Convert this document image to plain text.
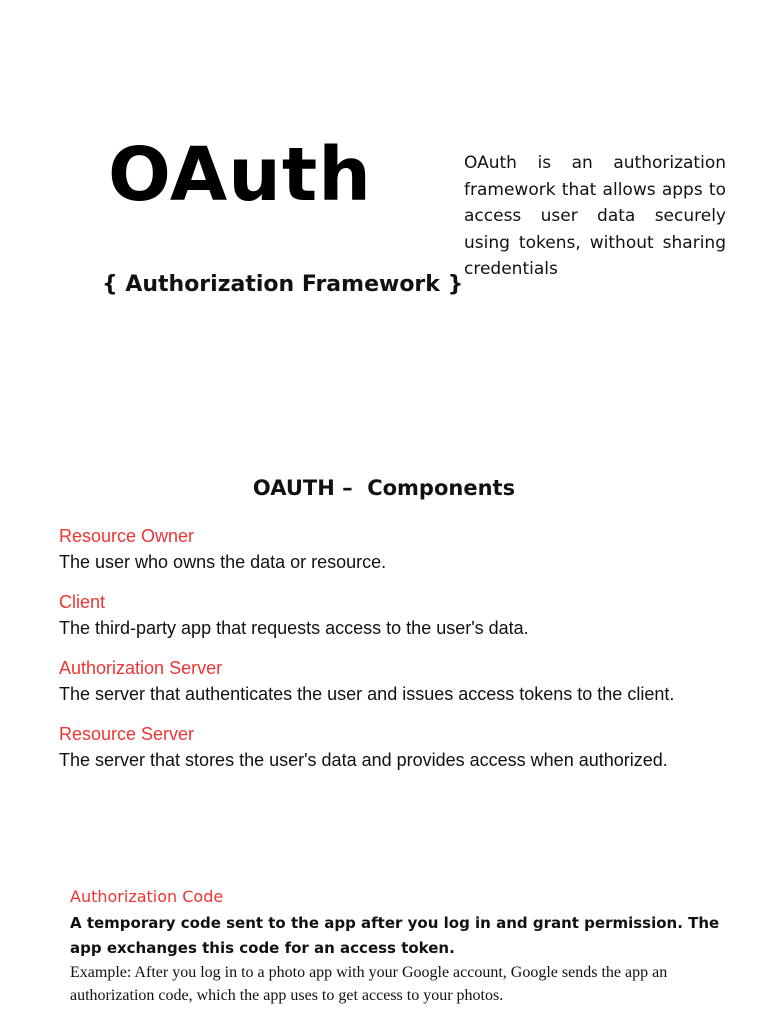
OAuth
{ Authorization Framework }
OAuth is an authorization framework that allows apps to access user data securely using tokens, without sharing credentials
OAUTH –  Components
Resource Owner
The user who owns the data or resource.
Client
The third-party app that requests access to the user's data.
Authorization Server
The server that authenticates the user and issues access tokens to the client.
Resource Server
The server that stores the user's data and provides access when authorized.
Authorization Code
A temporary code sent to the app after you log in and grant permission. The app exchanges this code for an access token.
Example: After you log in to a photo app with your Google account, Google sends the app an authorization code, which the app uses to get access to your photos.
